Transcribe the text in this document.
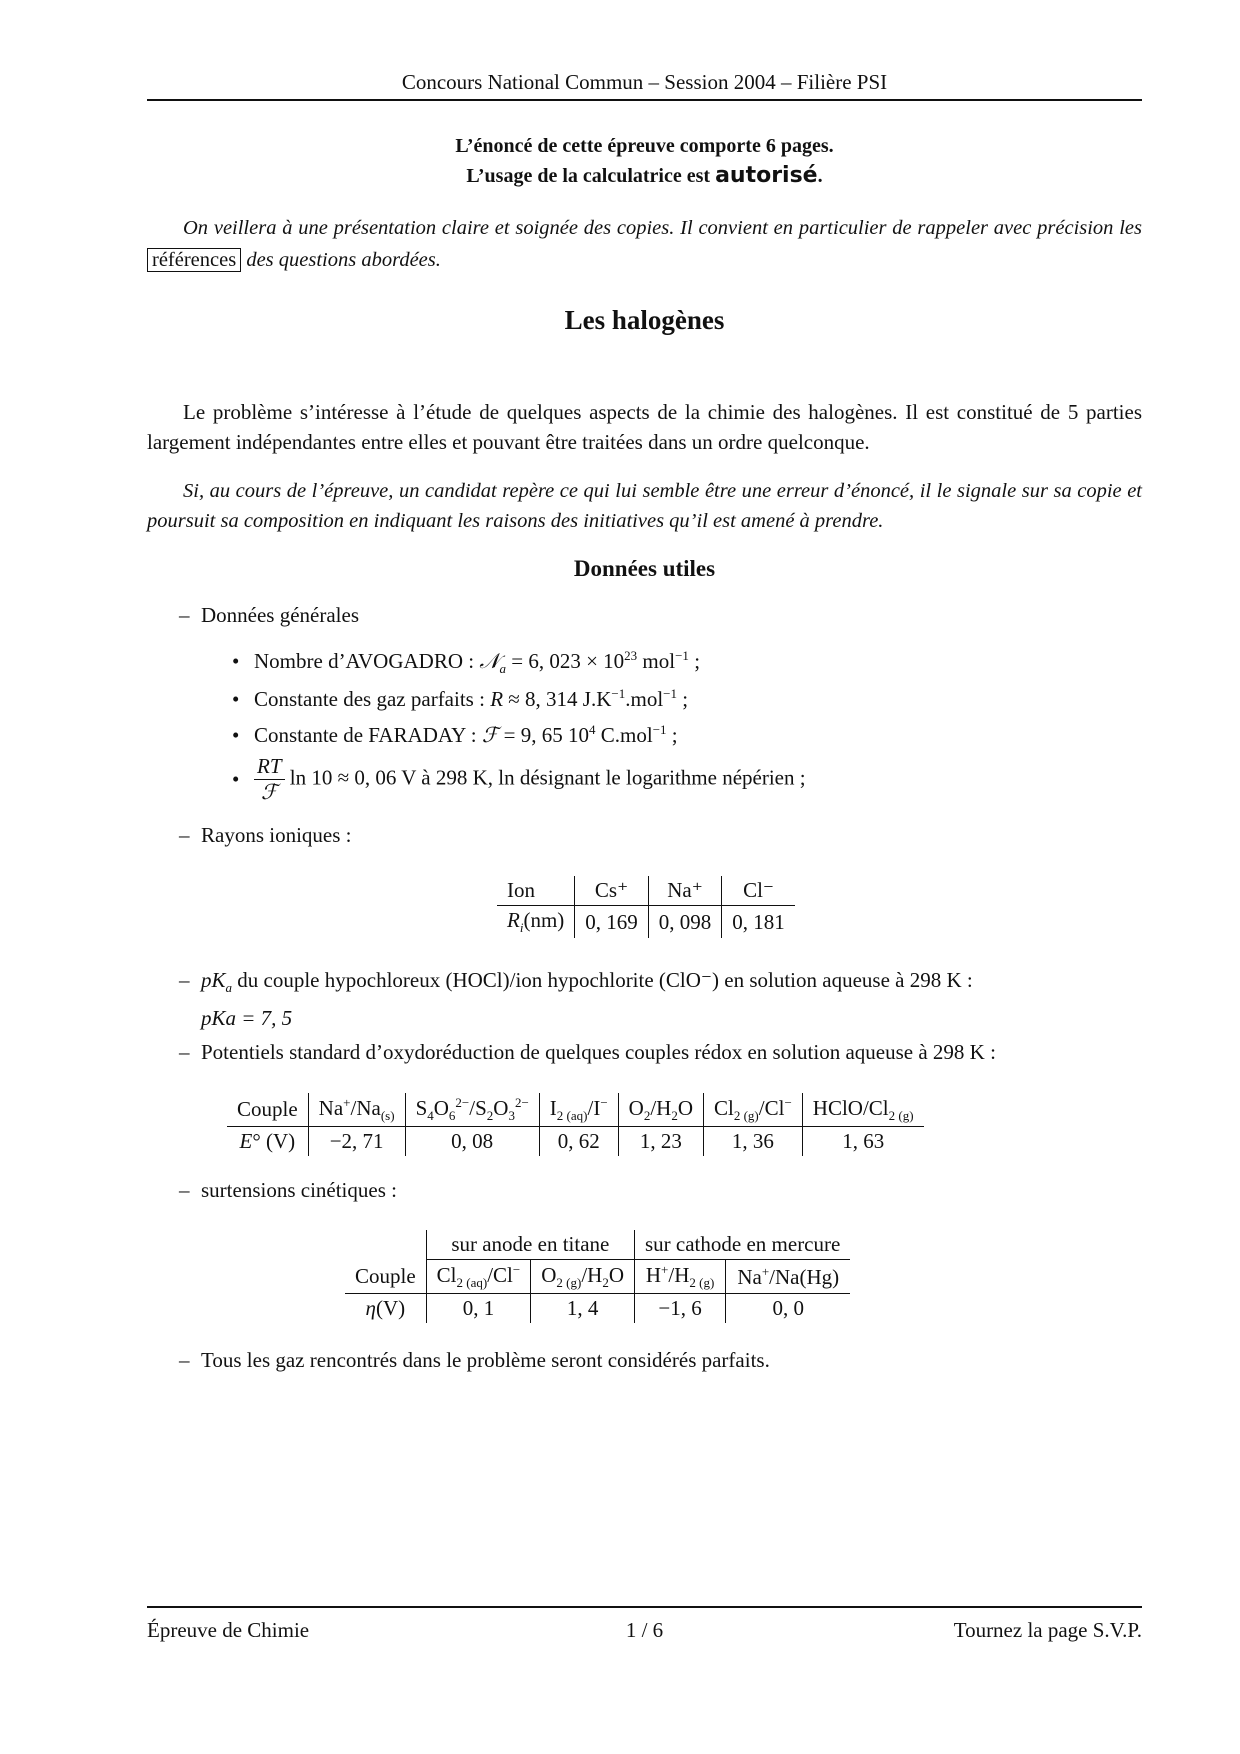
Concours National Commun – Session 2004 – Filière PSI
L’énoncé de cette épreuve comporte 6 pages.
L’usage de la calculatrice est autorisé.
On veillera à une présentation claire et soignée des copies. Il convient en particulier de rappeler avec précision les références des questions abordées.
Les halogènes
Le problème s’intéresse à l’étude de quelques aspects de la chimie des halogènes. Il est constitué de 5 parties largement indépendantes entre elles et pouvant être traitées dans un ordre quelconque.
Si, au cours de l’épreuve, un candidat repère ce qui lui semble être une erreur d’énoncé, il le signale sur sa copie et poursuit sa composition en indiquant les raisons des initiatives qu’il est amené à prendre.
Données utiles
– Données générales
• Nombre d’AVOGADRO : 𝒩$_a$ = 6, $023 \times 10^{23}$ mol$^{-1}$ ;
• Constante des gaz parfaits : R ≈ 8, 314 $J.K^{-1}.mol^{-1}$ ;
• Constante de FARADAY : ℱ = 9, 65 $10^4$ C.mol$^{-1}$ ;
• $\frac{RT}{\text{ℱ}}$ ln 10 ≈ 0, 06 V à 298 K, ln désignant le logarithme népérien ;
– Rayons ioniques :
Ion	Cs⁺	Na⁺	Cl⁻
$R_i(nm)$	0, 169	0, 098	0, 181
– $pK_a$ du couple hypochloreux (HOCl)/ion hypochlorite (ClO⁻) en solution aqueuse à 298 K :
pKa = 7, 5
– Potentiels standard d’oxydoréduction de quelques couples rédox en solution aqueuse à 298 K :
Couple	$Na^+/Na_{(s)}$	$S_4O_6^{2-}/S_2O_3^{2-}$	$I_{2 (aq)}/I^-$	$O_2/H_2O$	$Cl_{2 (g)}/Cl^-$	HClO/$Cl_{2 (g)}$
E° (V)	−2, 71	0, 08	0, 62	1, 23	1, 36	1, 63
– surtensions cinétiques :
	sur anode en titane		sur cathode en mercure	
Couple	$Cl_{2 (aq)}/Cl^-$	$O_{2 (g)}/H_2O$	$H^+/H_{2 (g)}$	Na+/Na(Hg)
η(V)	0, 1	1, 4	−1, 6	0, 0
– Tous les gaz rencontrés dans le problème seront considérés parfaits.
Épreuve de Chimie	1 / 6	Tournez la page S.V.P.
